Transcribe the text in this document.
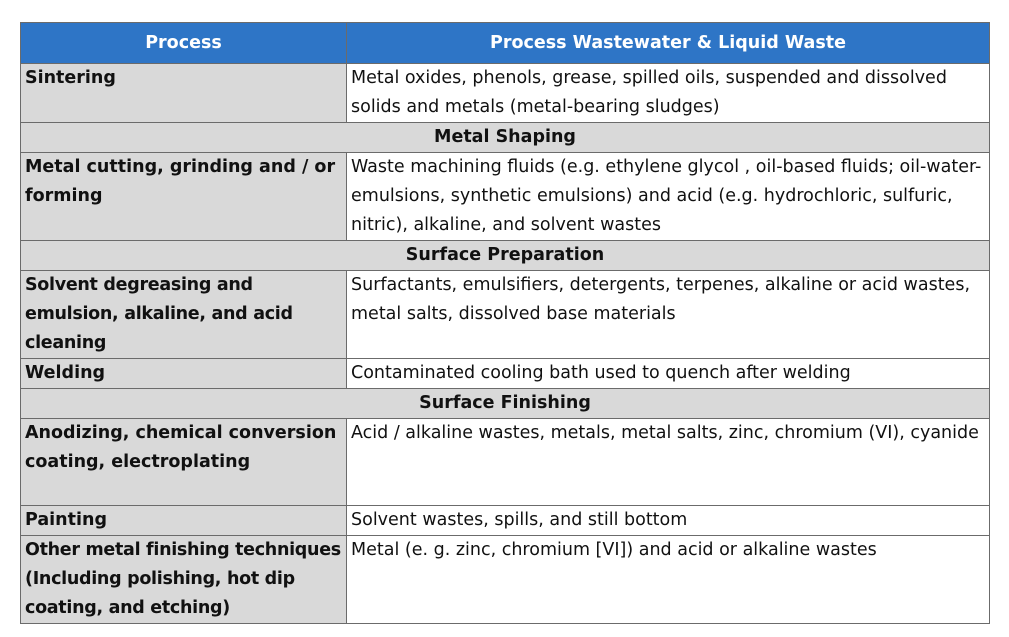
Process	Process Wastewater & Liquid Waste
Sintering	Metal oxides, phenols, grease, spilled oils, suspended and dissolved solids and metals (metal-bearing sludges)
Metal Shaping	
Metal cutting, grinding and / or forming	Waste machining fluids (e.g. ethylene glycol , oil-based fluids; oil-water-emulsions, synthetic emulsions) and acid (e.g. hydrochloric, sulfuric, nitric), alkaline, and solvent wastes
Surface Preparation	
Solvent degreasing and emulsion, alkaline, and acid cleaning	Surfactants, emulsifiers, detergents, terpenes, alkaline or acid wastes, metal salts, dissolved base materials
Welding	Contaminated cooling bath used to quench after welding
Surface Finishing	
Anodizing, chemical conversion coating, electroplating	Acid / alkaline wastes, metals, metal salts, zinc, chromium (VI), cyanide
Painting	Solvent wastes, spills, and still bottom
Other metal finishing techniques (Including polishing, hot dip coating, and etching)	Metal (e. g. zinc, chromium [VI]) and acid or alkaline wastes
